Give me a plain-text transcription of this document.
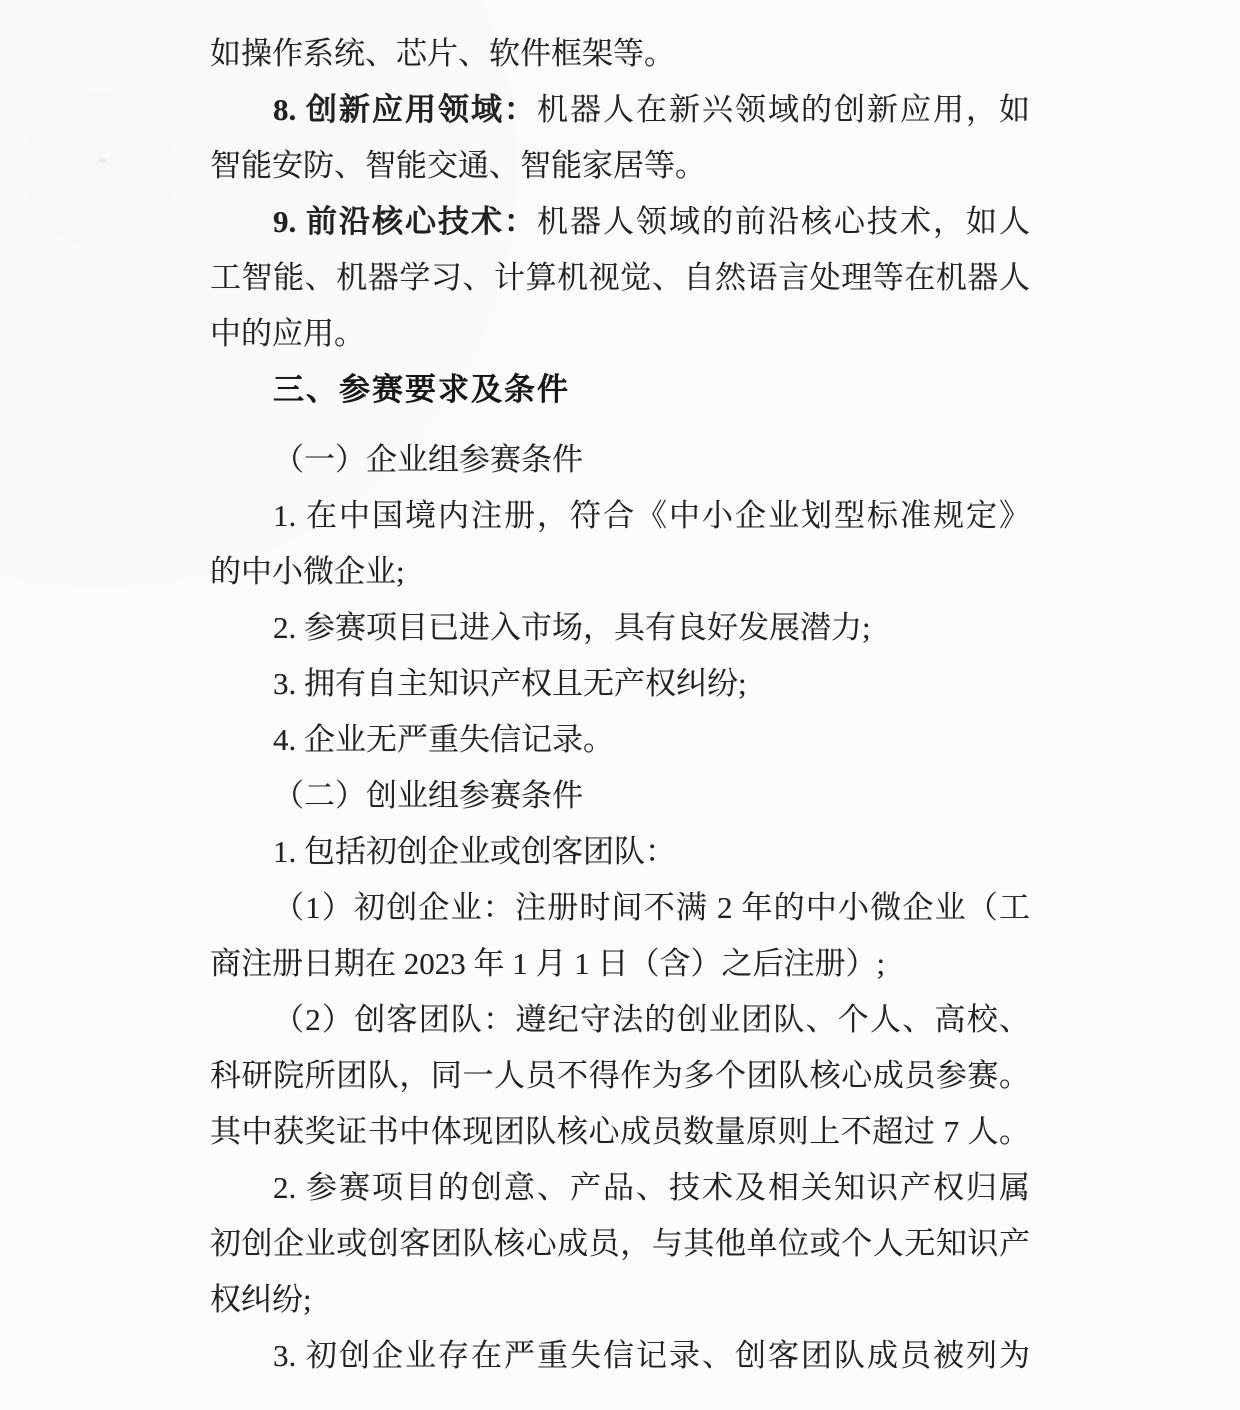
如操作系统、芯片、软件框架等。
8. 创新应用领域：机器人在新兴领域的创新应用，如
智能安防、智能交通、智能家居等。
9. 前沿核心技术：机器人领域的前沿核心技术，如人
工智能、机器学习、计算机视觉、自然语言处理等在机器人
中的应用。
三、参赛要求及条件
（一）企业组参赛条件
1. 在中国境内注册，符合《中小企业划型标准规定》
的中小微企业;
2. 参赛项目已进入市场，具有良好发展潜力;
3. 拥有自主知识产权且无产权纠纷;
4. 企业无严重失信记录。
（二）创业组参赛条件
1. 包括初创企业或创客团队：
（1）初创企业：注册时间不满 2 年的中小微企业（工
商注册日期在 2023 年 1 月 1 日（含）之后注册）;
（2）创客团队：遵纪守法的创业团队、个人、高校、
科研院所团队，同一人员不得作为多个团队核心成员参赛。
其中获奖证书中体现团队核心成员数量原则上不超过 7 人。
2. 参赛项目的创意、产品、技术及相关知识产权归属
初创企业或创客团队核心成员，与其他单位或个人无知识产
权纠纷;
3. 初创企业存在严重失信记录、创客团队成员被列为
